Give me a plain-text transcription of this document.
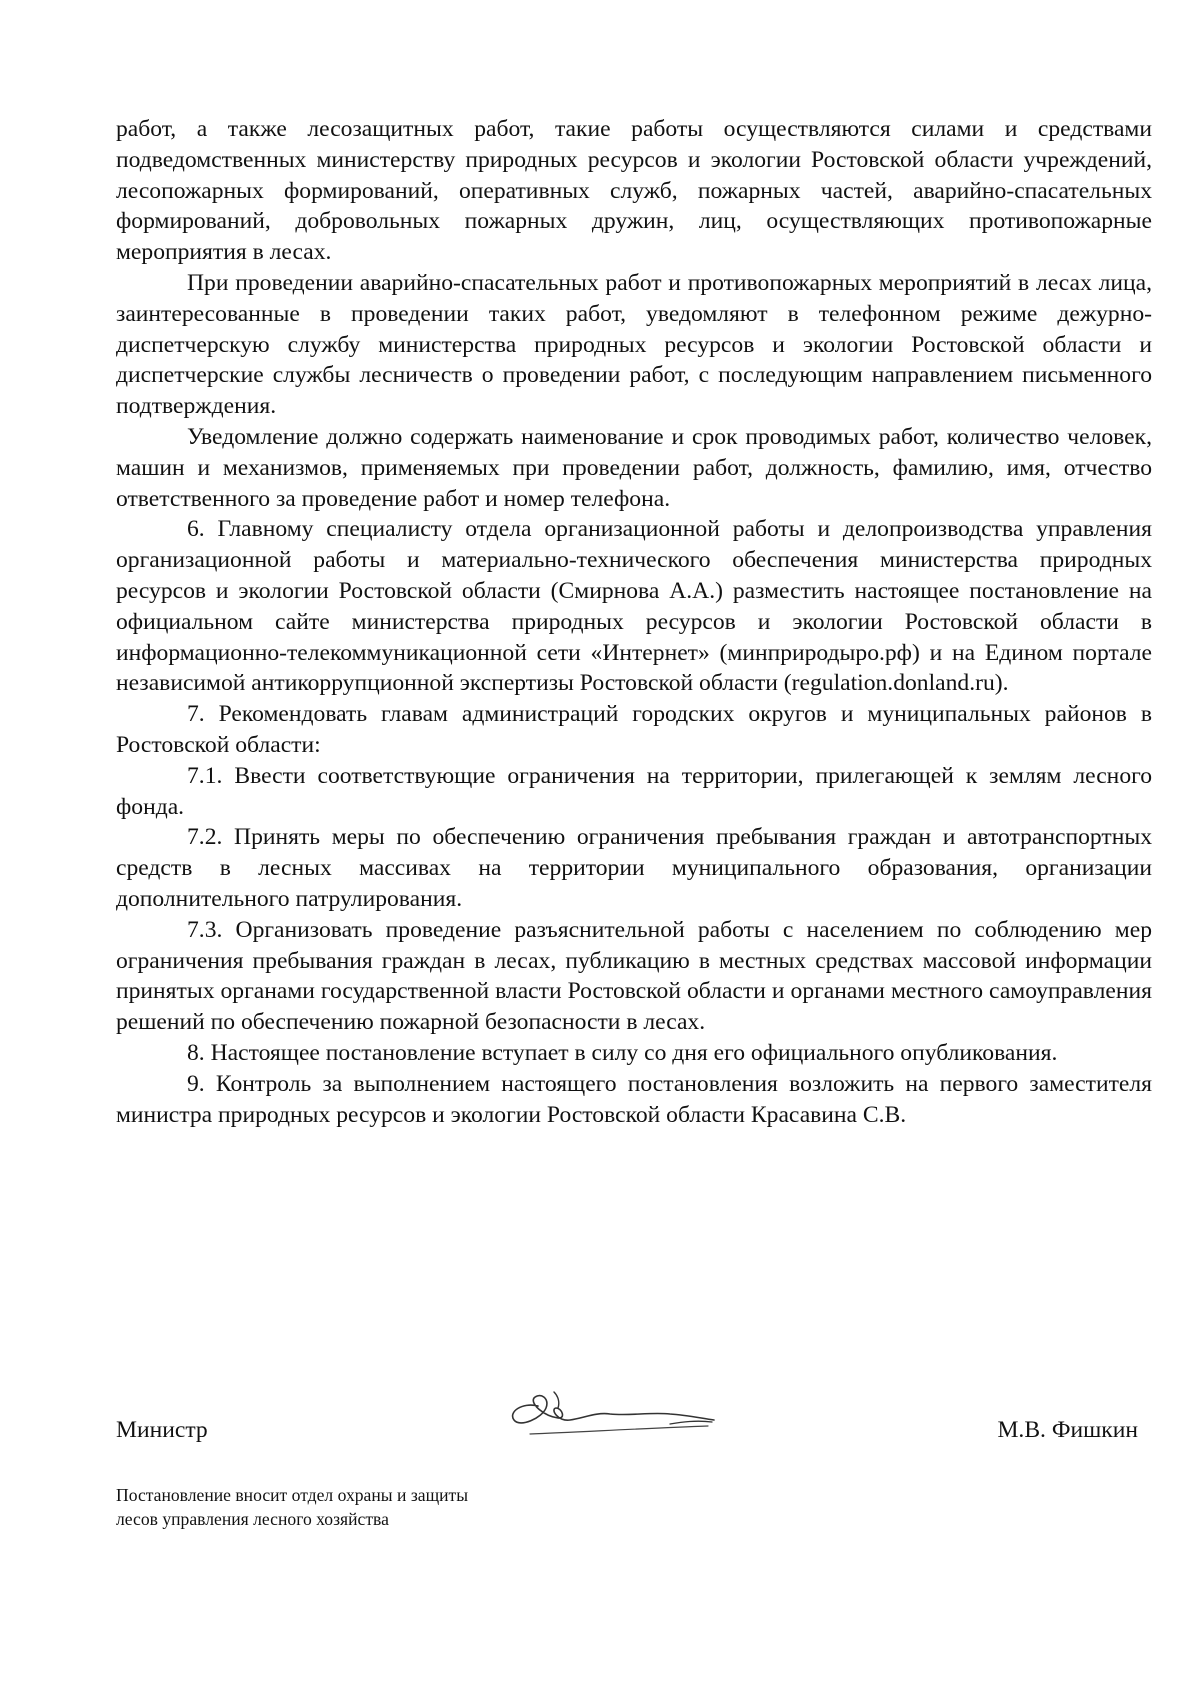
работ, а также лесозащитных работ, такие работы осуществляются силами и средствами подведомственных министерству природных ресурсов и экологии Ростовской области учреждений, лесопожарных формирований, оперативных служб, пожарных частей, аварийно-спасательных формирований, добровольных пожарных дружин, лиц, осуществляющих противопожарные мероприятия в лесах.

При проведении аварийно-спасательных работ и противопожарных мероприятий в лесах лица, заинтересованные в проведении таких работ, уведомляют в телефонном режиме дежурно-диспетчерскую службу министерства природных ресурсов и экологии Ростовской области и диспетчерские службы лесничеств о проведении работ, с последующим направлением письменного подтверждения.

Уведомление должно содержать наименование и срок проводимых работ, количество человек, машин и механизмов, применяемых при проведении работ, должность, фамилию, имя, отчество ответственного за проведение работ и номер телефона.

6. Главному специалисту отдела организационной работы и делопроизводства управления организационной работы и материально-технического обеспечения министерства природных ресурсов и экологии Ростовской области (Смирнова А.А.) разместить настоящее постановление на официальном сайте министерства природных ресурсов и экологии Ростовской области в информационно-телекоммуникационной сети «Интернет» (минприродыро.рф) и на Едином портале независимой антикоррупционной экспертизы Ростовской области (regulation.donland.ru).

7. Рекомендовать главам администраций городских округов и муниципальных районов в Ростовской области:

7.1. Ввести соответствующие ограничения на территории, прилегающей к землям лесного фонда.

7.2. Принять меры по обеспечению ограничения пребывания граждан и автотранспортных средств в лесных массивах на территории муниципального образования, организации дополнительного патрулирования.

7.3. Организовать проведение разъяснительной работы с населением по соблюдению мер ограничения пребывания граждан в лесах, публикацию в местных средствах массовой информации принятых органами государственной власти Ростовской области и органами местного самоуправления решений по обеспечению пожарной безопасности в лесах.

8. Настоящее постановление вступает в силу со дня его официального опубликования.

9. Контроль за выполнением настоящего постановления возложить на первого заместителя министра природных ресурсов и экологии Ростовской области Красавина С.В.

Министр	М.В. Фишкин

Постановление вносит отдел охраны и защиты

лесов управления лесного хозяйства
